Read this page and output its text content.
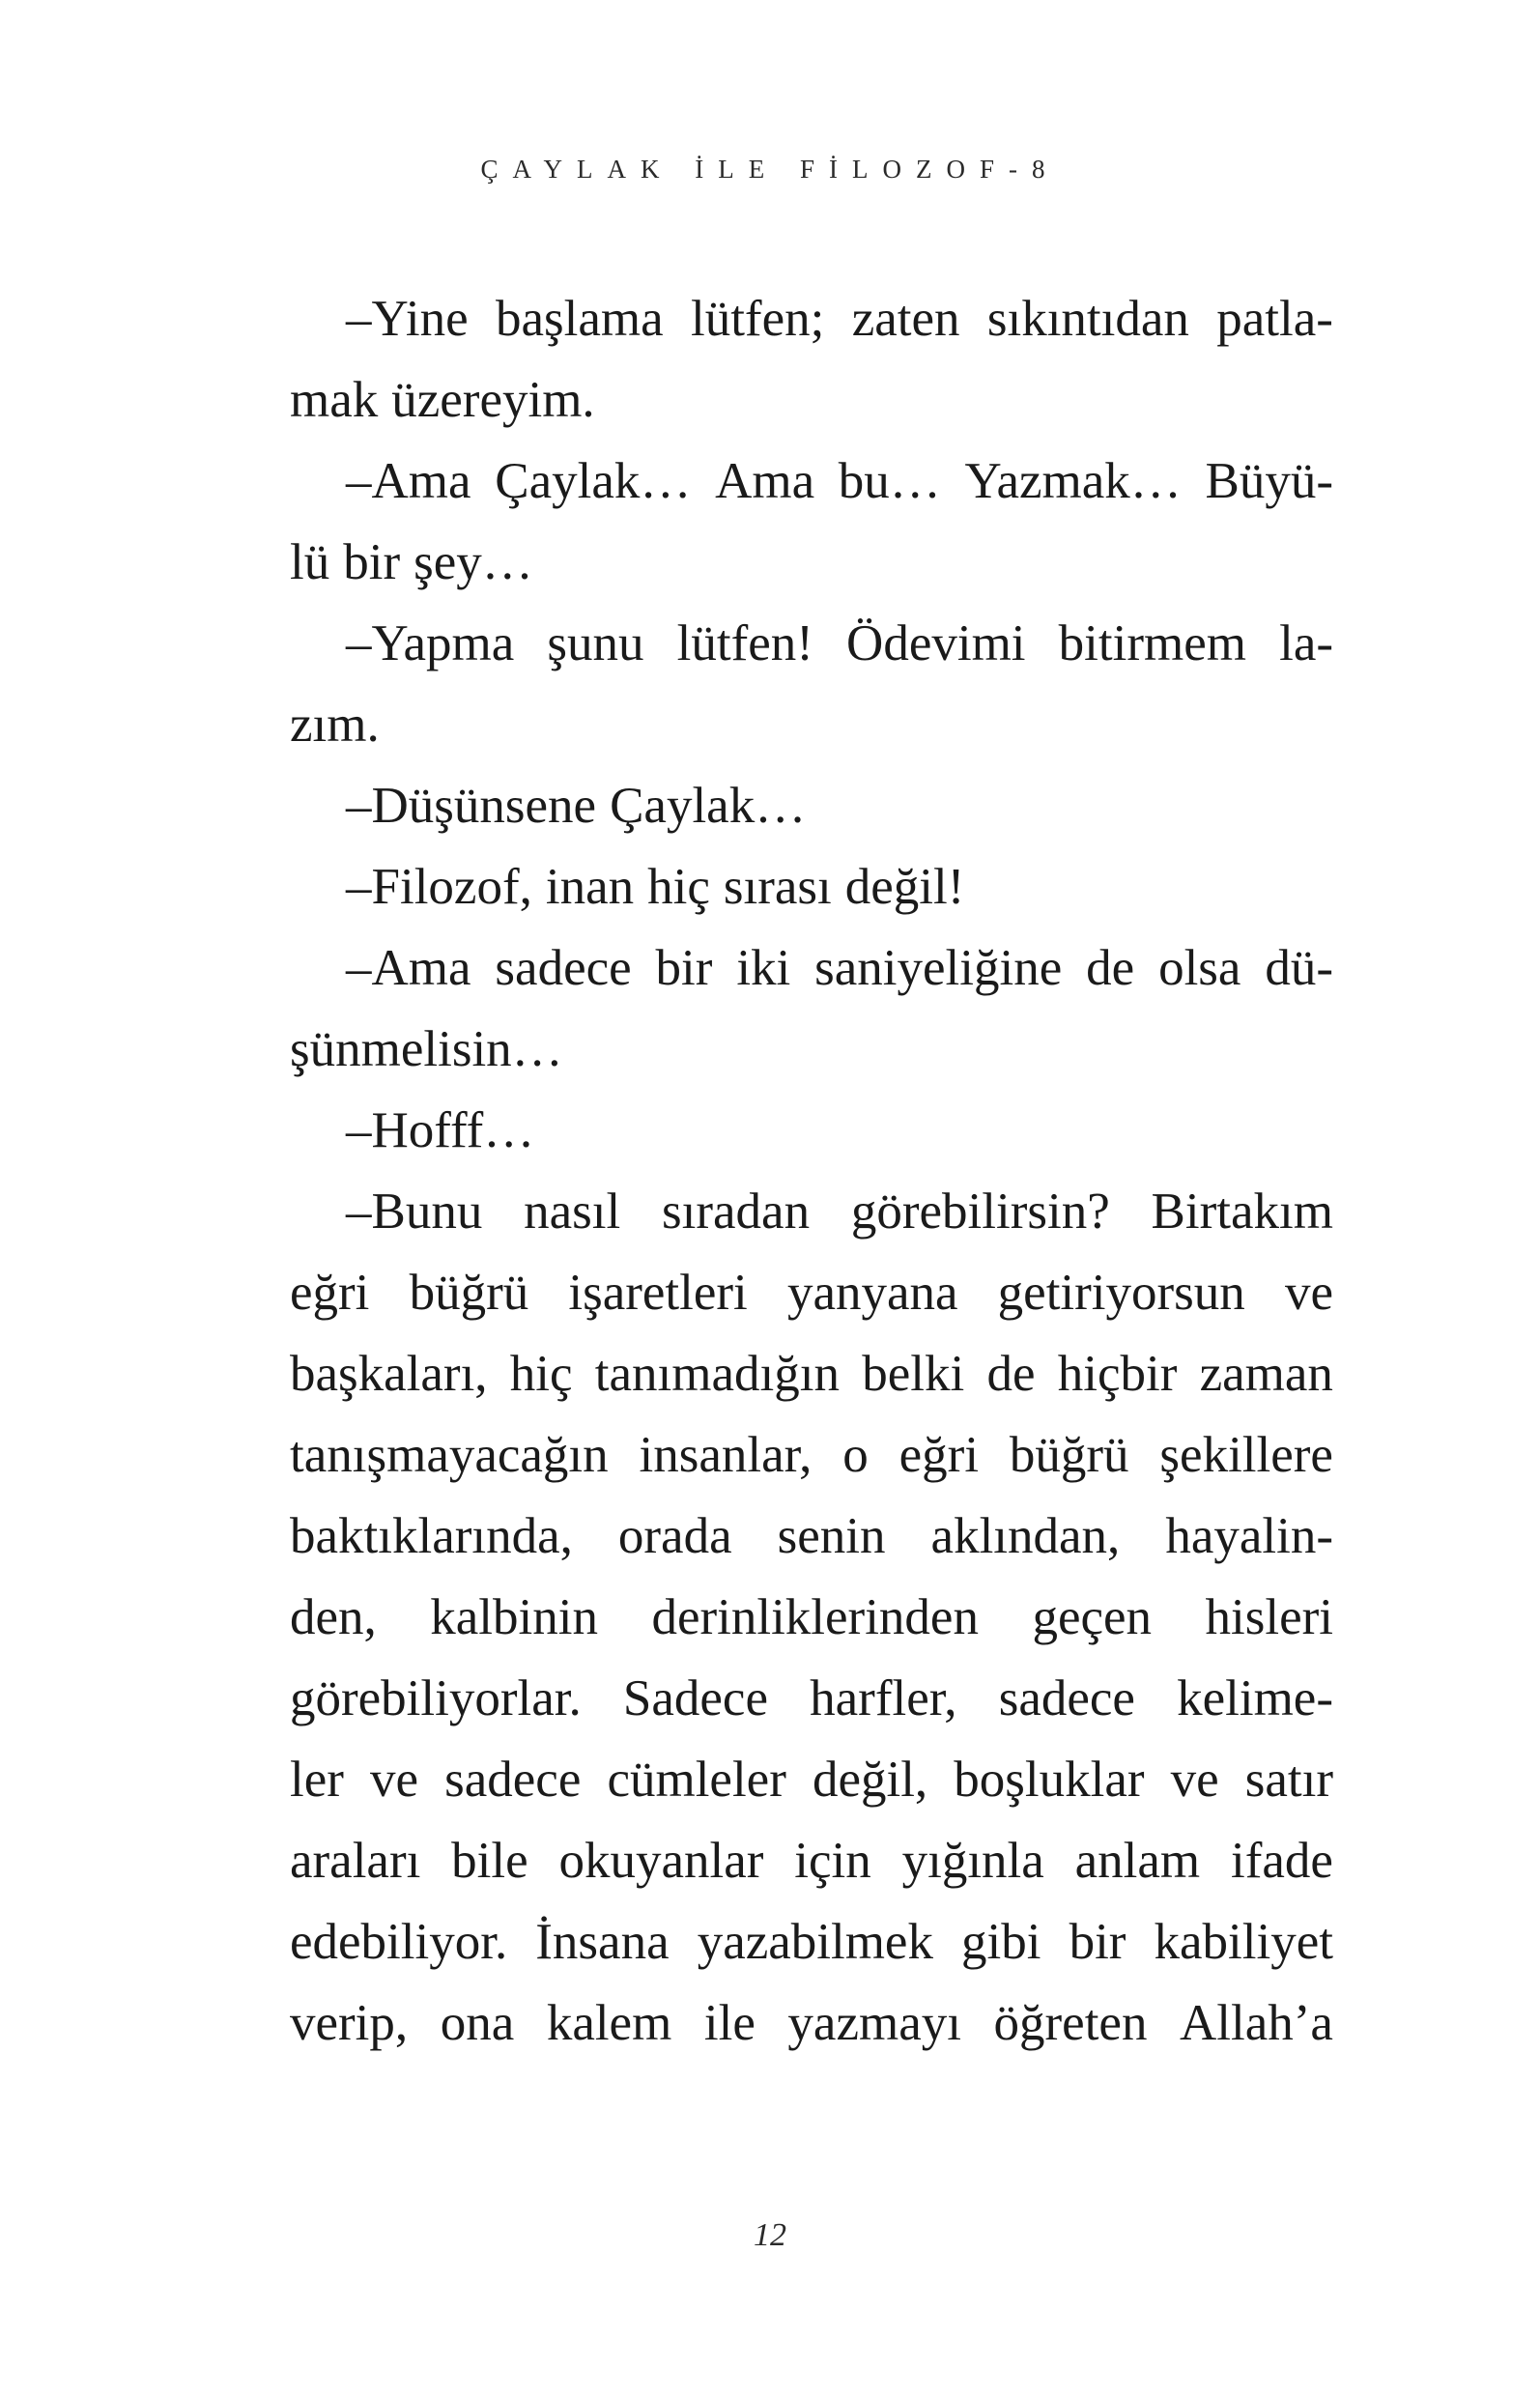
ÇAYLAK İLE FİLOZOF-8
–Yine başlama lütfen; zaten sıkıntıdan patla-
mak üzereyim.
–Ama Çaylak… Ama bu… Yazmak… Büyü-
lü bir şey…
–Yapma şunu lütfen! Ödevimi bitirmem la-
zım.
–Düşünsene Çaylak…
–Filozof, inan hiç sırası değil!
–Ama sadece bir iki saniyeliğine de olsa dü-
şünmelisin…
–Hofff…
–Bunu nasıl sıradan görebilirsin? Birtakım
eğri büğrü işaretleri yanyana getiriyorsun ve
başkaları, hiç tanımadığın belki de hiçbir zaman
tanışmayacağın insanlar, o eğri büğrü şekillere
baktıklarında, orada senin aklından, hayalin-
den, kalbinin derinliklerinden geçen hisleri
görebiliyorlar. Sadece harfler, sadece kelime-
ler ve sadece cümleler değil, boşluklar ve satır
araları bile okuyanlar için yığınla anlam ifade
edebiliyor. İnsana yazabilmek gibi bir kabiliyet
verip, ona kalem ile yazmayı öğreten Allah’a
12
